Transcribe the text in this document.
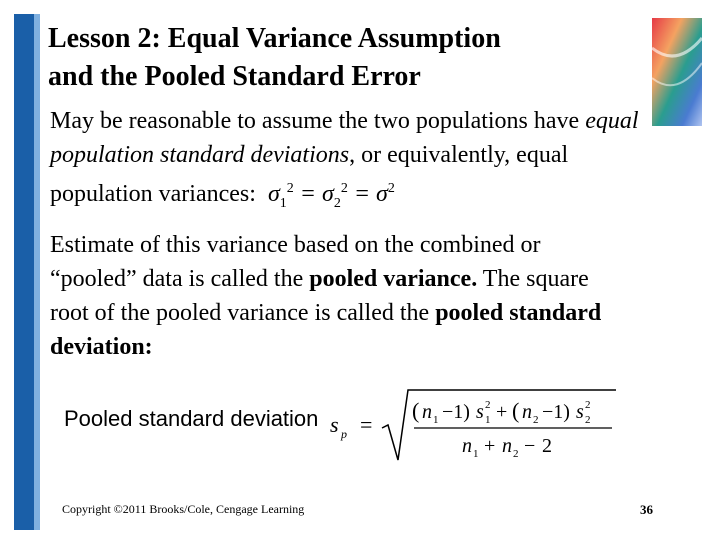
Lesson 2: Equal Variance Assumption
and the Pooled Standard Error

May be reasonable to assume the two populations have equal population standard deviations, or equivalently, equal population variances: $\sigma_1^2 = \sigma_2^2 = \sigma^2$

Estimate of this variance based on the combined or “pooled” data is called the pooled variance. The square root of the pooled variance is called the pooled standard deviation:

Pooled standard deviation s p =
( n 1 −1) s 2
1 + ( n 2 −1) s 2
2
n 1 + n 2 − 2
Copyright ©2011 Brooks/Cole, Cengage Learning	36
